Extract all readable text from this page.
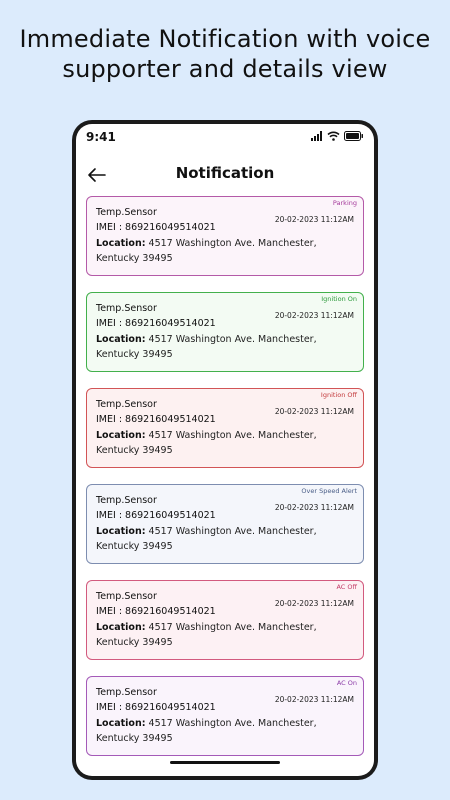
Immediate Notification with voice
supporter and details view
9:41
Notification
Parking
Temp.Sensor
IMEI : 869216049514021
20-02-2023 11:12AM
Location: 4517 Washington Ave. Manchester, Kentucky 39495
Ignition On
Temp.Sensor
IMEI : 869216049514021
20-02-2023 11:12AM
Location: 4517 Washington Ave. Manchester, Kentucky 39495
Ignition Off
Temp.Sensor
IMEI : 869216049514021
20-02-2023 11:12AM
Location: 4517 Washington Ave. Manchester, Kentucky 39495
Over Speed Alert
Temp.Sensor
IMEI : 869216049514021
20-02-2023 11:12AM
Location: 4517 Washington Ave. Manchester, Kentucky 39495
AC Off
Temp.Sensor
IMEI : 869216049514021
20-02-2023 11:12AM
Location: 4517 Washington Ave. Manchester, Kentucky 39495
AC On
Temp.Sensor
IMEI : 869216049514021
20-02-2023 11:12AM
Location: 4517 Washington Ave. Manchester, Kentucky 39495
